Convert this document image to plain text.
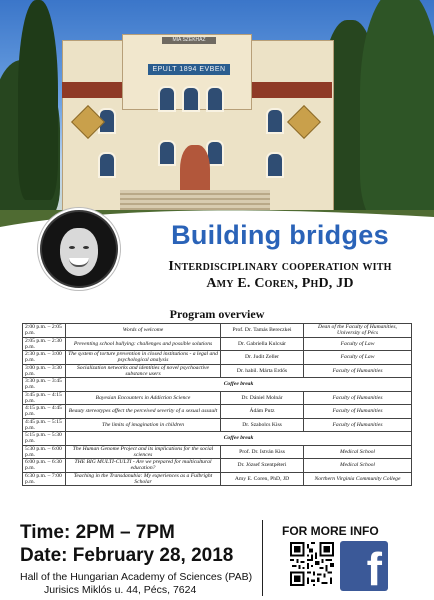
MIA SZEKHAZ
EPULT 1894 EVBEN
Building bridges
Interdisciplinary cooperation with
Amy E. Coren, PhD, JD
Program overview
2:00 p.m. – 2:05 p.m.	Words of welcome	Prof. Dr. Tamás Bereczkei	Dean of the Faculty of Humanities, University of Pécs
2:05 p.m. – 2:30 p.m.	Preventing school bullying: challenges and possible solutions	Dr. Gabriella Kulcsár	Faculty of Law
2:30 p.m. – 3:00 p.m.	The system of torture prevention in closed institutions - a legal and psychological analysis	Dr. Judit Zeller	Faculty of Law
3:00 p.m. – 3:30 p.m.	Socialization networks and identities of novel psychoactive substance users	Dr. habil. Márta Erdős	Faculty of Humanities
3:30 p.m. – 3:45 p.m.	Coffee break		
3:45 p.m. – 4:15 p.m.	Bayesian Encounters in Addiction Science	Dr. Dániel Molnár	Faculty of Humanities
4:15 p.m. – 4:45 p.m.	Beauty stereotypes affect the perceived severity of a sexual assault	Ádám Putz	Faculty of Humanities
4:45 p.m. – 5:15 p.m.	The limits of imagination in children	Dr. Szabolcs Kiss	Faculty of Humanities
5:15 p.m. – 5:30 p.m.	Coffee break		
5:30 p.m. – 6:00 p.m.	The Human Genome Project and its implications for the social sciences	Prof. Dr. István Kiss	Medical School
6:00 p.m. – 6:30 p.m.	THE BIG MULTI-CULTI - Are we prepared for multicultural education?	Dr. József Szentpéteri	Medical School
6:30 p.m. – 7:00 p.m.	Teaching in the Transdanubia: My experiences as a Fulbright Scholar	Amy E. Coren, PhD, JD	Northern Virginia Community College
Time: 2PM – 7PM
Date: February 28, 2018
Hall of the Hungarian Academy of Sciences (PAB)
Jurisics Miklós u. 44, Pécs, 7624
FOR MORE INFO
f
